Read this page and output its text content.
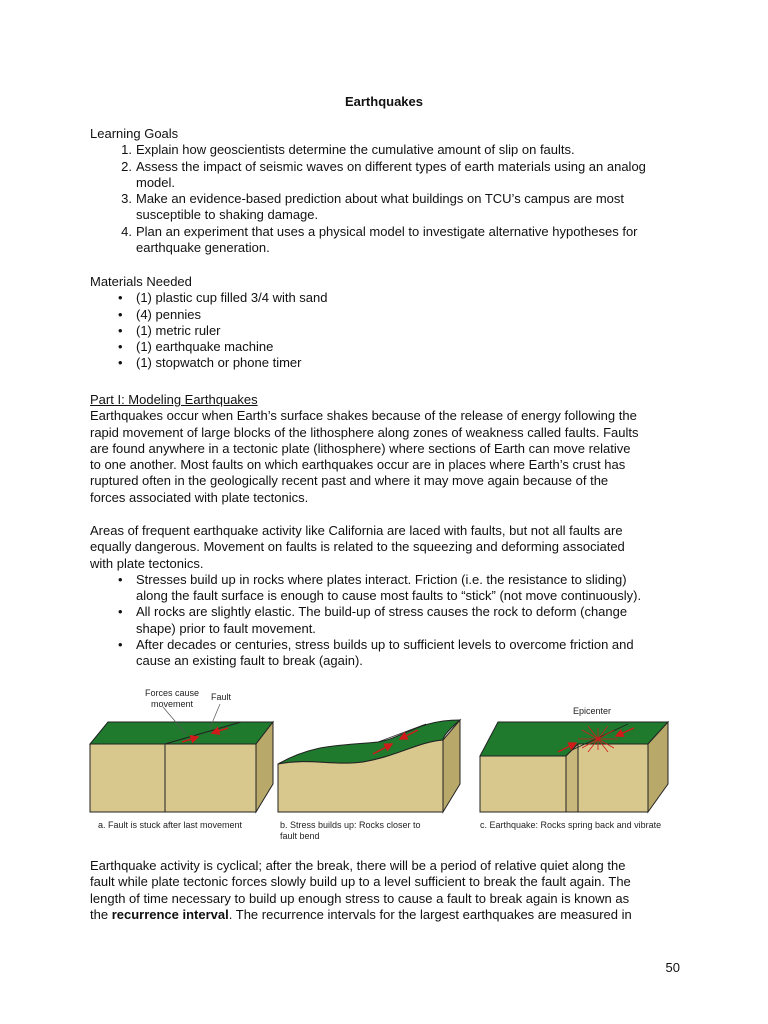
Earthquakes

Learning Goals

1. Explain how geoscientists determine the cumulative amount of slip on faults.
2. Assess the impact of seismic waves on different types of earth materials using an analog
model.
3. Make an evidence-based prediction about what buildings on TCU’s campus are most
susceptible to shaking damage.
4. Plan an experiment that uses a physical model to investigate alternative hypotheses for
earthquake generation.

Materials Needed

• (1) plastic cup filled 3/4 with sand
• (4) pennies
• (1) metric ruler
• (1) earthquake machine
• (1) stopwatch or phone timer

Part I: Modeling Earthquakes

Earthquakes occur when Earth’s surface shakes because of the release of energy following the
rapid movement of large blocks of the lithosphere along zones of weakness called faults. Faults
are found anywhere in a tectonic plate (lithosphere) where sections of Earth can move relative
to one another. Most faults on which earthquakes occur are in places where Earth’s crust has
ruptured often in the geologically recent past and where it may move again because of the
forces associated with plate tectonics.

Areas of frequent earthquake activity like California are laced with faults, but not all faults are
equally dangerous. Movement on faults is related to the squeezing and deforming associated
with plate tectonics.

• Stresses build up in rocks where plates interact. Friction (i.e. the resistance to sliding)
along the fault surface is enough to cause most faults to “stick” (not move continuously).
• All rocks are slightly elastic. The build-up of stress causes the rock to deform (change
shape) prior to fault movement.
• After decades or centuries, stress builds up to sufficient levels to overcome friction and
cause an existing fault to break (again).
Forces cause
movement
Fault
Epicenter
a. Fault is stuck after last movement	b. Stress builds up: Rocks closer to
fault bend
c. Earthquake: Rocks spring back and vibrate

Earthquake activity is cyclical; after the break, there will be a period of relative quiet along the
fault while plate tectonic forces slowly build up to a level sufficient to break the fault again. The
length of time necessary to build up enough stress to cause a fault to break again is known as
the recurrence interval. The recurrence intervals for the largest earthquakes are measured in

50
